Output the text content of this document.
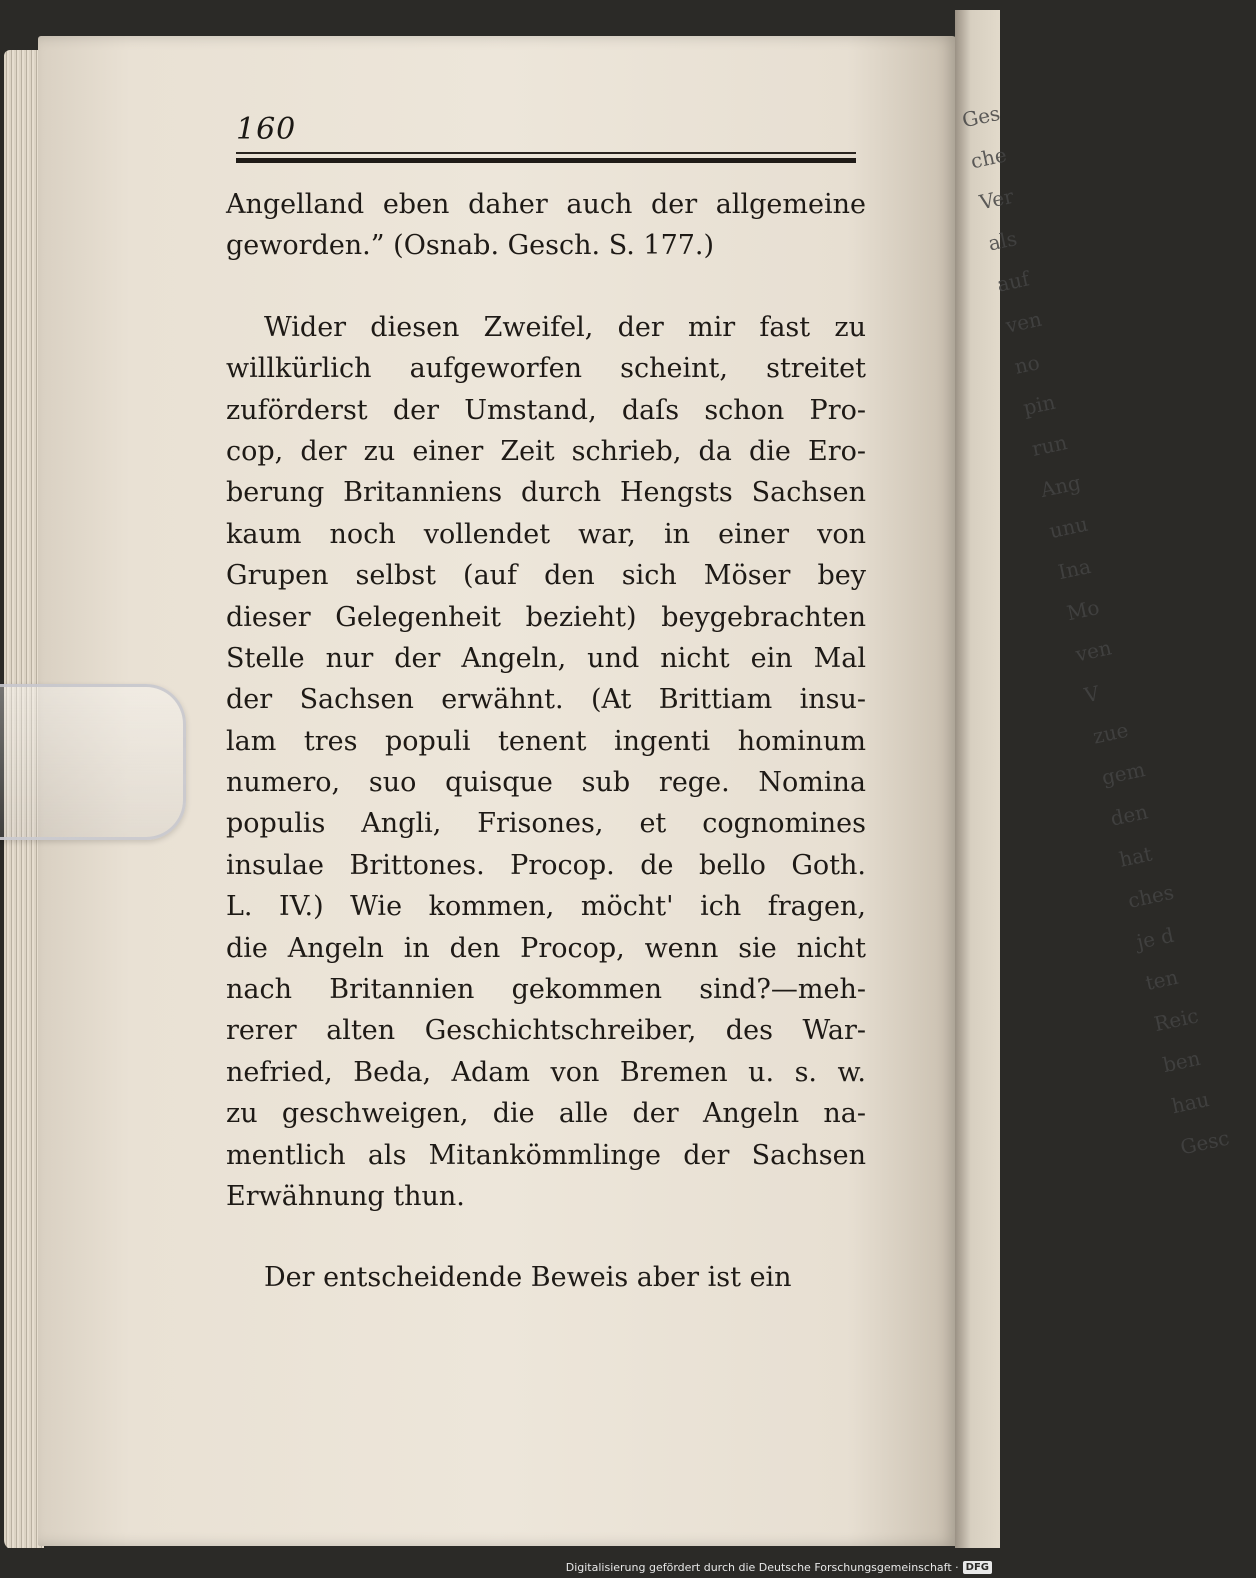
Ges
che
Ver
als
auf
ven
no
pin
run
Ang
unu
Ina
Mo
ven
V
zue
gem
den
hat
ches
je d
ten
Reic
ben
hau
Gesc
160
Angelland eben daher auch der allgemeine
geworden.” (Osnab. Gesch. S. 177.)
Wider diesen Zweifel, der mir fast zu
willkürlich aufgeworfen scheint, streitet
zuförderst der Umstand, daſs schon Pro-
cop, der zu einer Zeit schrieb, da die Ero-
berung Britanniens durch Hengsts Sachsen
kaum noch vollendet war, in einer von
Grupen selbst (auf den sich Möser bey
dieser Gelegenheit bezieht) beygebrachten
Stelle nur der Angeln, und nicht ein Mal
der Sachsen erwähnt. (At Brittiam insu-
lam tres populi tenent ingenti hominum
numero, suo quisque sub rege. Nomina
populis Angli, Frisones, et cognomines
insulae Brittones. Procop. de bello Goth.
L. IV.) Wie kommen, möcht' ich fragen,
die Angeln in den Procop, wenn sie nicht
nach Britannien gekommen sind?—meh-
rerer alten Geschichtschreiber, des War-
nefried, Beda, Adam von Bremen u. s. w.
zu geschweigen, die alle der Angeln na-
mentlich als Mitankömmlinge der Sachsen
Erwähnung thun.
Der entscheidende Beweis aber ist ein
Digitalisierung gefördert durch die Deutsche Forschungsgemeinschaft · DFG
